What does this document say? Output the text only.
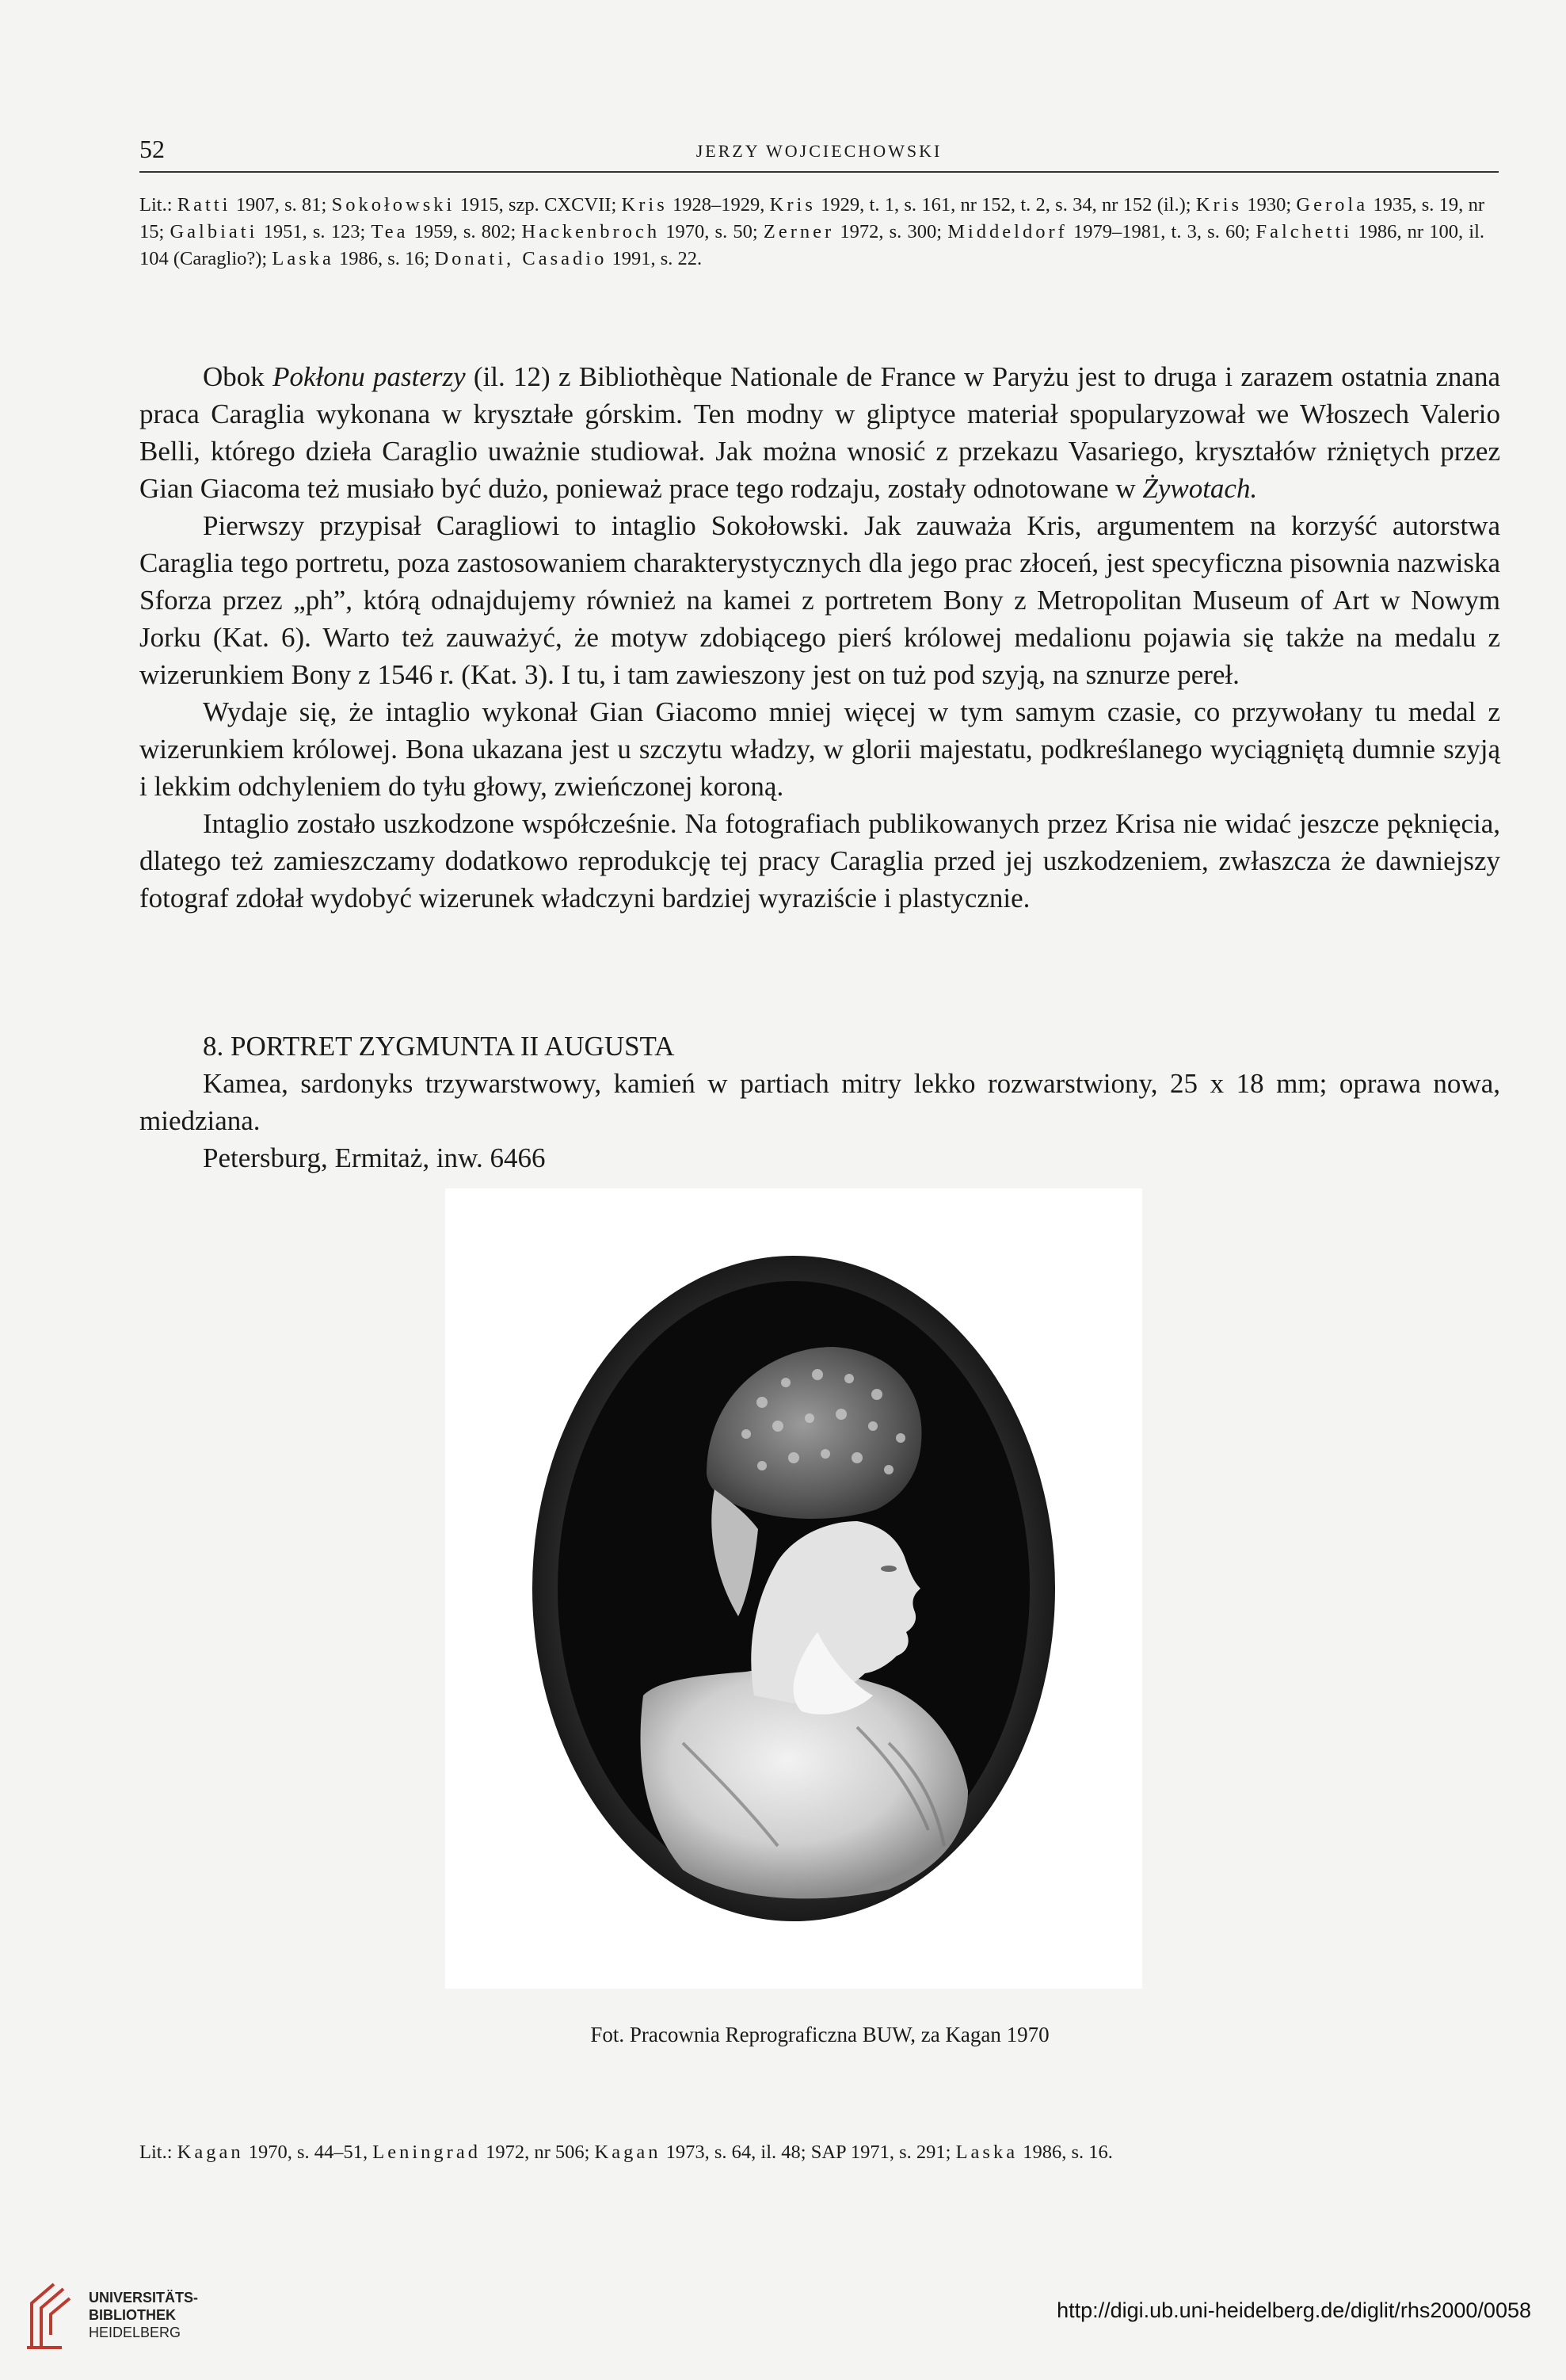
52	JERZY WOJCIECHOWSKI
Lit.: Ratti 1907, s. 81; Sokołowski 1915, szp. CXCVII; Kris 1928–1929, Kris 1929, t. 1, s. 161, nr 152, t. 2, s. 34, nr 152 (il.); Kris 1930; Gerola 1935, s. 19, nr 15; Galbiati 1951, s. 123; Tea 1959, s. 802; Hackenbroch 1970, s. 50; Zerner 1972, s. 300; Middeldorf 1979–1981, t. 3, s. 60; Falchetti 1986, nr 100, il. 104 (Caraglio?); Laska 1986, s. 16; Donati, Casadio 1991, s. 22.

Obok Pokłonu pasterzy (il. 12) z Bibliothèque Nationale de France w Paryżu jest to druga i zarazem ostatnia znana praca Caraglia wykonana w kryształe górskim. Ten modny w gliptyce materiał spopularyzował we Włoszech Valerio Belli, którego dzieła Caraglio uważnie studiował. Jak można wnosić z przekazu Vasariego, kryształów rżniętych przez Gian Giacoma też musiało być dużo, ponieważ prace tego rodzaju, zostały odnotowane w Żywotach.

Pierwszy przypisał Caragliowi to intaglio Sokołowski. Jak zauważa Kris, argumentem na korzyść autorstwa Caraglia tego portretu, poza zastosowaniem charakterystycznych dla jego prac złoceń, jest specyficzna pisownia nazwiska Sforza przez „ph”, którą odnajdujemy również na kamei z portretem Bony z Metropolitan Museum of Art w Nowym Jorku (Kat. 6). Warto też zauważyć, że motyw zdobiącego pierś królowej medalionu pojawia się także na medalu z wizerunkiem Bony z 1546 r. (Kat. 3). I tu, i tam zawieszony jest on tuż pod szyją, na sznurze pereł.

Wydaje się, że intaglio wykonał Gian Giacomo mniej więcej w tym samym czasie, co przywołany tu medal z wizerunkiem królowej. Bona ukazana jest u szczytu władzy, w glorii majestatu, podkreślanego wyciągniętą dumnie szyją i lekkim odchyleniem do tyłu głowy, zwieńczonej koroną.

Intaglio zostało uszkodzone współcześnie. Na fotografiach publikowanych przez Krisa nie widać jeszcze pęknięcia, dlatego też zamieszczamy dodatkowo reprodukcję tej pracy Caraglia przed jej uszkodzeniem, zwłaszcza że dawniejszy fotograf zdołał wydobyć wizerunek władczyni bardziej wyraziście i plastycznie.

8. PORTRET ZYGMUNTA II AUGUSTA

Kamea, sardonyks trzywarstwowy, kamień w partiach mitry lekko rozwarstwiony, 25 x 18 mm; oprawa nowa, miedziana.

Petersburg, Ermitaż, inw. 6466

Fot. Pracownia Reprograficzna BUW, za Kagan 1970
Lit.: Kagan 1970, s. 44–51, Leningrad 1972, nr 506; Kagan 1973, s. 64, il. 48; SAP 1971, s. 291; Laska 1986, s. 16.
UNIVERSITÄTS-
BIBLIOTHEK
HEIDELBERG
http://digi.ub.uni-heidelberg.de/diglit/rhs2000/0058
